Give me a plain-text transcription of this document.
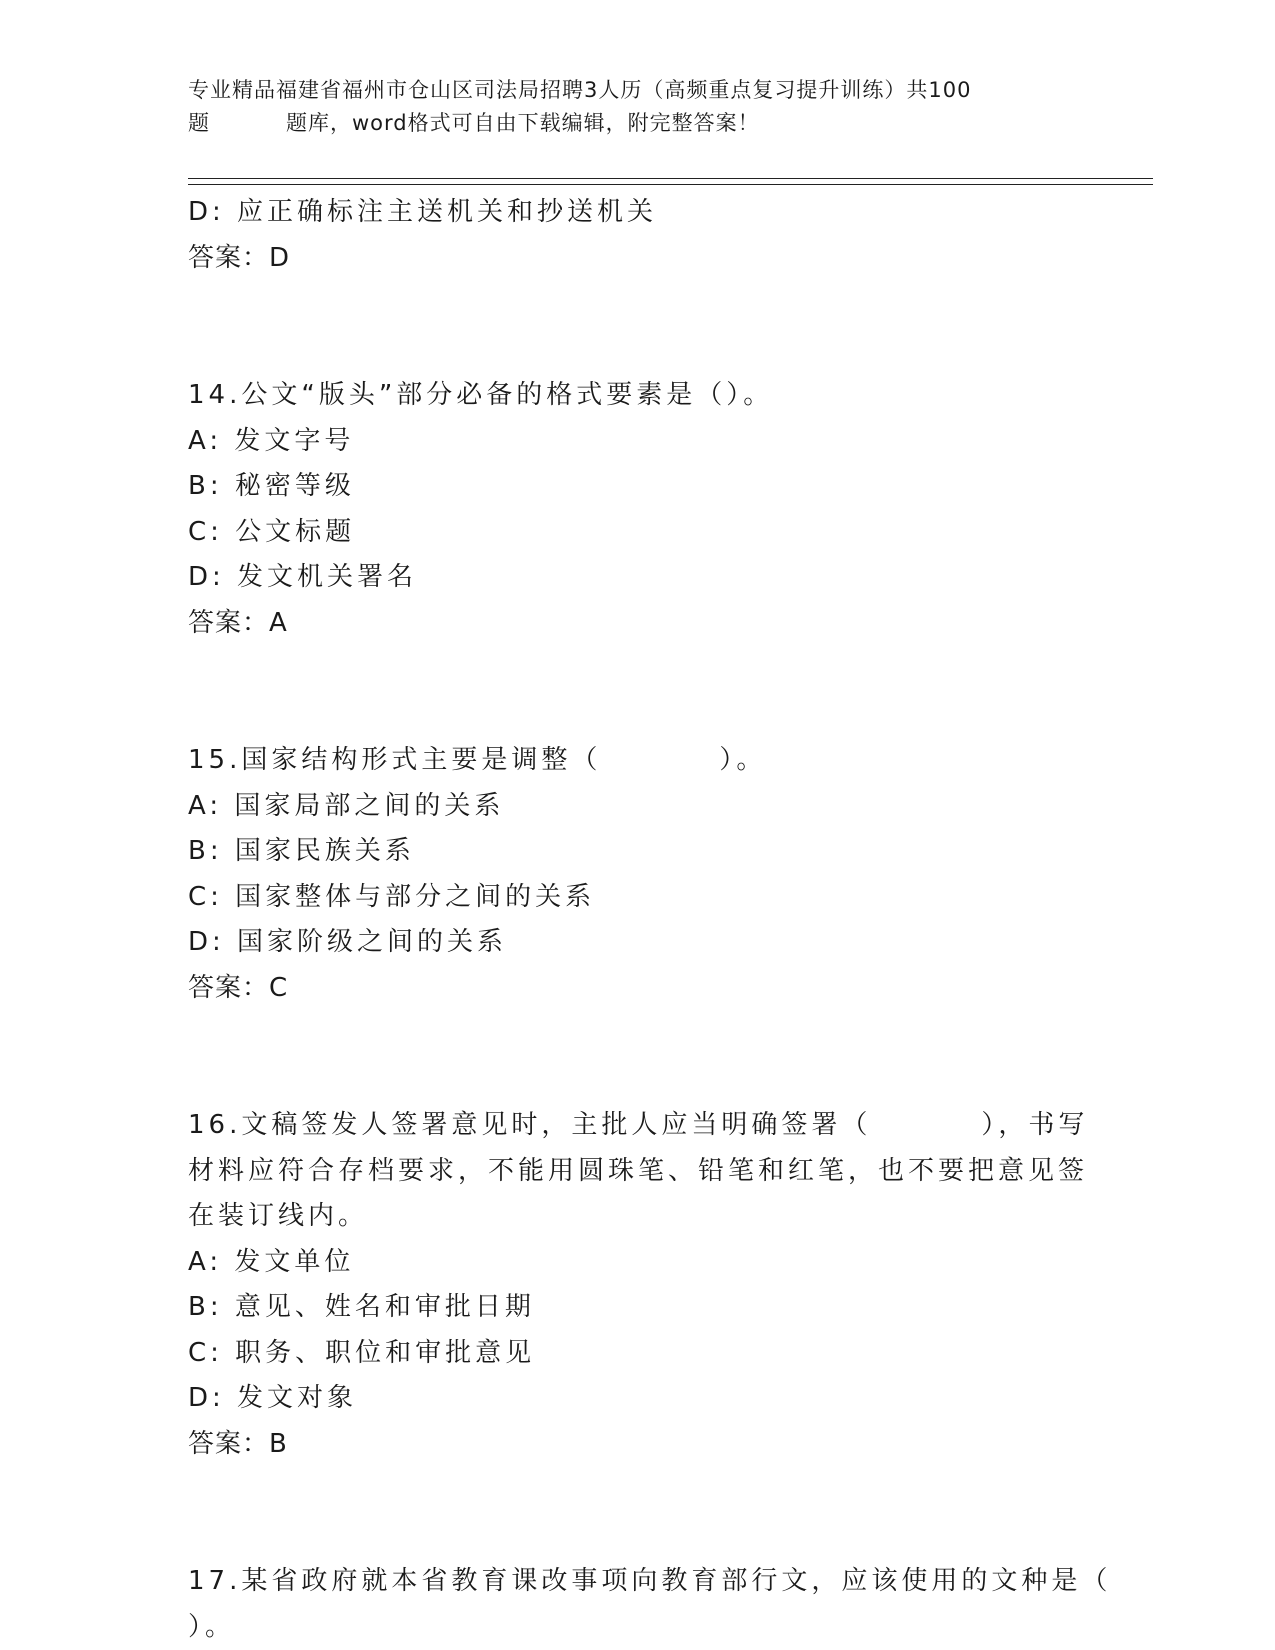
专业精品福建省福州市仓山区司法局招聘3人历（高频重点复习提升训练）共100
题	题库，word格式可自由下载编辑，附完整答案！
D: 应正确标注主送机关和抄送机关
答案：D
14.公文“版头”部分必备的格式要素是（）。
A: 发文字号
B: 秘密等级
C: 公文标题
D: 发文机关署名
答案：A
15.国家结构形式主要是调整（	）。
A: 国家局部之间的关系
B: 国家民族关系
C: 国家整体与部分之间的关系
D: 国家阶级之间的关系
答案：C
16.文稿签发人签署意见时，主批人应当明确签署（	），书写
材料应符合存档要求，不能用圆珠笔、铅笔和红笔，也不要把意见签
在装订线内。
A: 发文单位
B: 意见、姓名和审批日期
C: 职务、职位和审批意见
D: 发文对象
答案：B
17.某省政府就本省教育课改事项向教育部行文，应该使用的文种是（
）。
